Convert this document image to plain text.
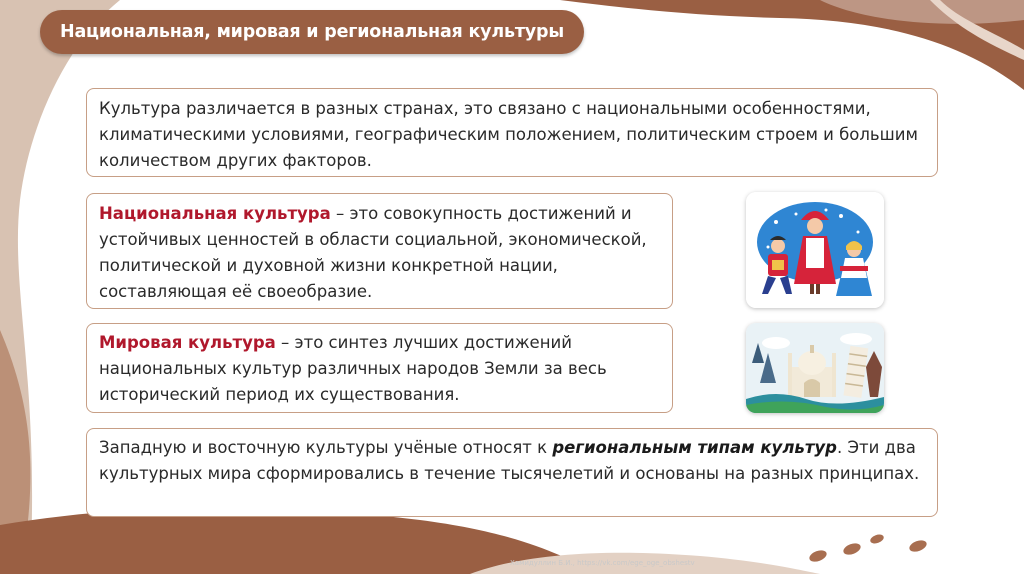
Национальная, мировая и региональная культуры
Культура различается в разных странах, это связано с национальными особенностями, климатическими условиями, географическим положением, политическим строем и большим количеством других факторов.
Национальная культура – это совокупность достижений и устойчивых ценностей в области социальной, экономической, политической и духовной жизни конкретной нации, составляющая её своеобразие.
Мировая культура – это синтез лучших достижений национальных культур различных народов Земли за весь исторический период их существования.
Западную и восточную культуры учёные относят к региональным типам культур. Эти два культурных мира сформировались в течение тысячелетий и основаны на разных принципах.
Хамидуллин Б.И., https://vk.com/ege_oge_obshestv
